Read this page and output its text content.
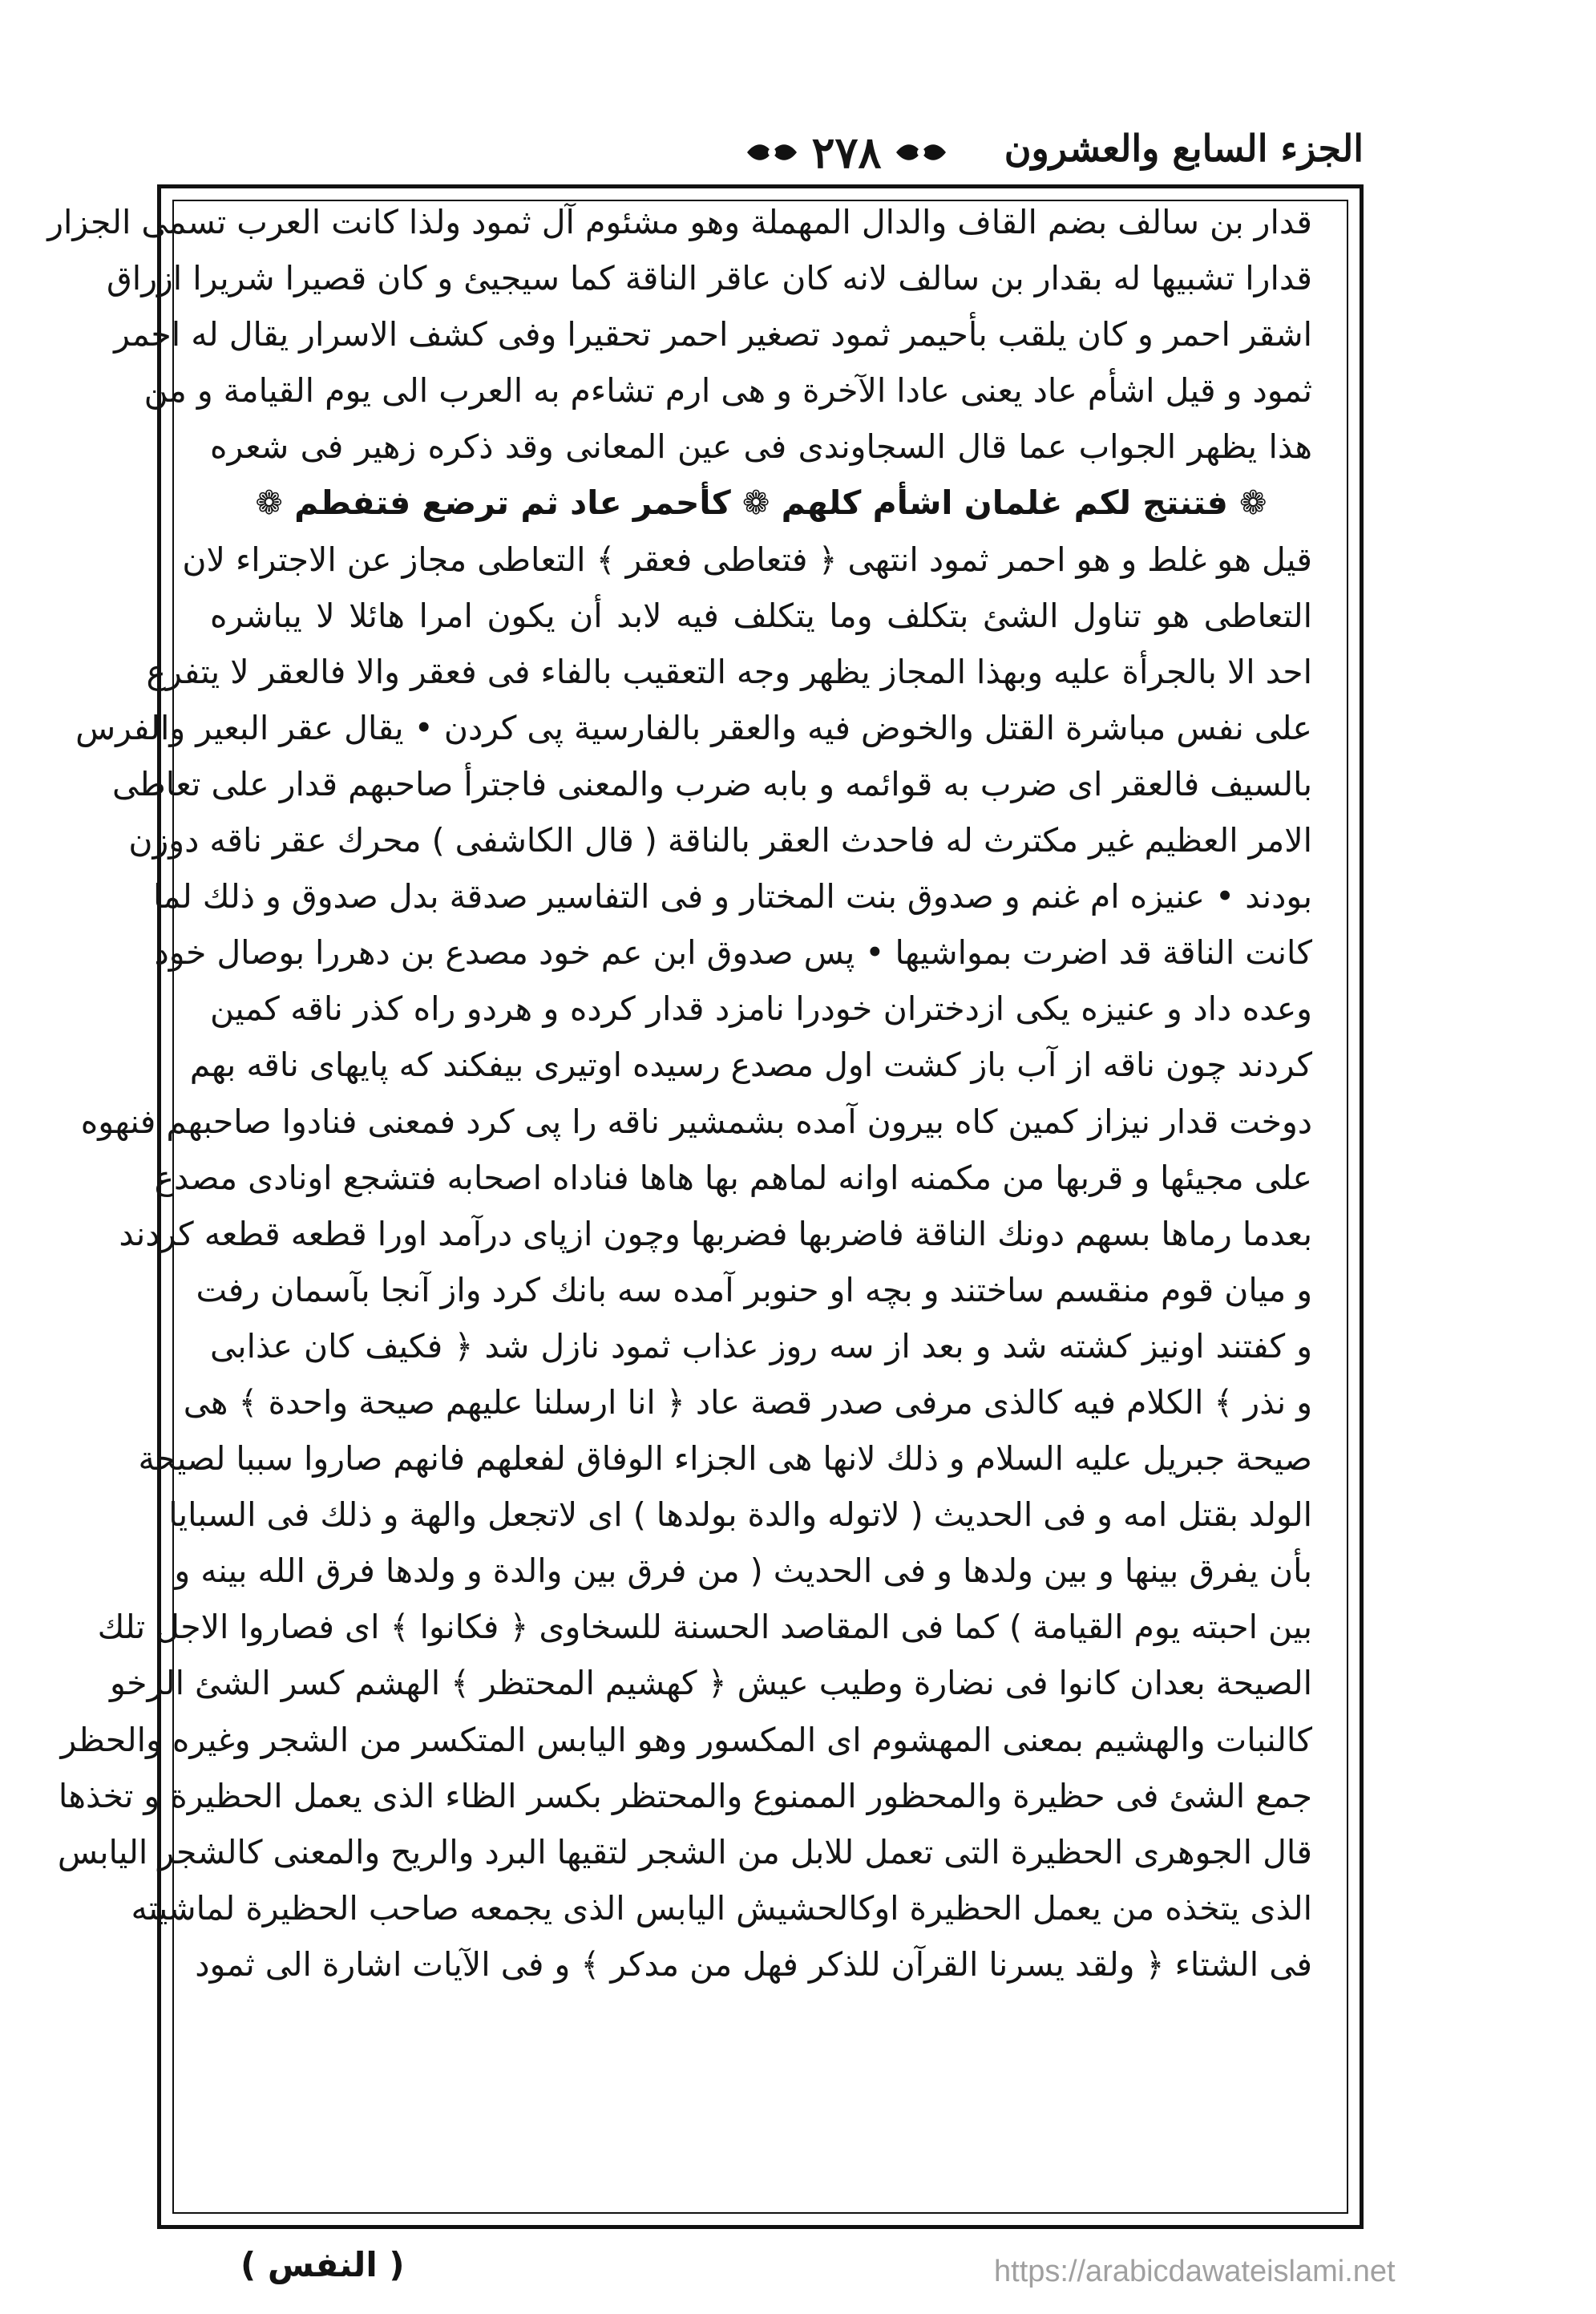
الجزء السابع والعشرون
٢٧٨
قدار بن سالف بضم القاف والدال المهملة وهو مشئوم آل ثمود ولذا كانت العرب تسمى الجزار
قدارا تشبيها له بقدار بن سالف لانه كان عاقر الناقة كما سيجيئ و كان قصيرا شريرا ازراق
اشقر احمر و كان يلقب بأحيمر ثمود تصغير احمر تحقيرا وفى كشف الاسرار يقال له احمر
ثمود و قيل اشأم عاد يعنى عادا الآخرة و هى ارم تشاءم به العرب الى يوم القيامة و من
هذا يظهر الجواب عما قال السجاوندى فى عين المعانى وقد ذكره زهير فى شعره
❁ فتنتج لكم غلمان اشأم كلهم ❁ كأحمر عاد ثم ترضع فتفطم ❁
قيل هو غلط و هو احمر ثمود انتهى ﴿ فتعاطى فعقر ﴾ التعاطى مجاز عن الاجتراء لان
التعاطى هو تناول الشئ بتكلف وما يتكلف فيه لابد أن يكون امرا هائلا لا يباشره
احد الا بالجرأة عليه وبهذا المجاز يظهر وجه التعقيب بالفاء فى فعقر والا فالعقر لا يتفرع
على نفس مباشرة القتل والخوض فيه والعقر بالفارسية پى كردن • يقال عقر البعير والفرس
بالسيف فالعقر اى ضرب به قوائمه و بابه ضرب والمعنى فاجترأ صاحبهم قدار على تعاطى
الامر العظيم غير مكترث له فاحدث العقر بالناقة ( قال الكاشفى ) محرك عقر ناقه دوزن
بودند • عنيزه ام غنم و صدوق بنت المختار و فى التفاسير صدقة بدل صدوق و ذلك لما
كانت الناقة قد اضرت بمواشيها • پس صدوق ابن عم خود مصدع بن دهررا بوصال خود
وعده داد و عنيزه يكى ازدختران خودرا نامزد قدار كرده و هردو راه كذر ناقه كمين
كردند چون ناقه از آب باز كشت اول مصدع رسيده اوتيرى بيفكند كه پايهاى ناقه بهم
دوخت قدار نيزاز كمين كاه بيرون آمده بشمشير ناقه را پى كرد فمعنى فنادوا صاحبهم فنهوه
على مجيئها و قربها من مكمنه اوانه لماهم بها هاها فناداه اصحابه فتشجع اونادى مصدع
بعدما رماها بسهم دونك الناقة فاضربها فضربها وچون ازپاى درآمد اورا قطعه قطعه كردند
و ميان قوم منقسم ساختند و بچه او حنوبر آمده سه بانك كرد واز آنجا بآسمان رفت
و كفتند اونيز كشته شد و بعد از سه روز عذاب ثمود نازل شد ﴿ فكيف كان عذابى
و نذر ﴾ الكلام فيه كالذى مرفى صدر قصة عاد ﴿ انا ارسلنا عليهم صيحة واحدة ﴾ هى
صيحة جبريل عليه السلام و ذلك لانها هى الجزاء الوفاق لفعلهم فانهم صاروا سببا لصيحة
الولد بقتل امه و فى الحديث ( لاتوله والدة بولدها ) اى لاتجعل والهة و ذلك فى السبايا
بأن يفرق بينها و بين ولدها و فى الحديث ( من فرق بين والدة و ولدها فرق الله بينه و
بين احبته يوم القيامة ) كما فى المقاصد الحسنة للسخاوى ﴿ فكانوا ﴾ اى فصاروا الاجل تلك
الصيحة بعدان كانوا فى نضارة وطيب عيش ﴿ كهشيم المحتظر ﴾ الهشم كسر الشئ الرخو
كالنبات والهشيم بمعنى المهشوم اى المكسور وهو اليابس المتكسر من الشجر وغيره والحظر
جمع الشئ فى حظيرة والمحظور الممنوع والمحتظر بكسر الظاء الذى يعمل الحظيرة و تخذها
قال الجوهرى الحظيرة التى تعمل للابل من الشجر لتقيها البرد والريح والمعنى كالشجر اليابس
الذى يتخذه من يعمل الحظيرة اوكالحشيش اليابس الذى يجمعه صاحب الحظيرة لماشيته
فى الشتاء ﴿ ولقد يسرنا القرآن للذكر فهل من مدكر ﴾ و فى الآيات اشارة الى ثمود
( النفس )	https://arabicdawateislami.net
